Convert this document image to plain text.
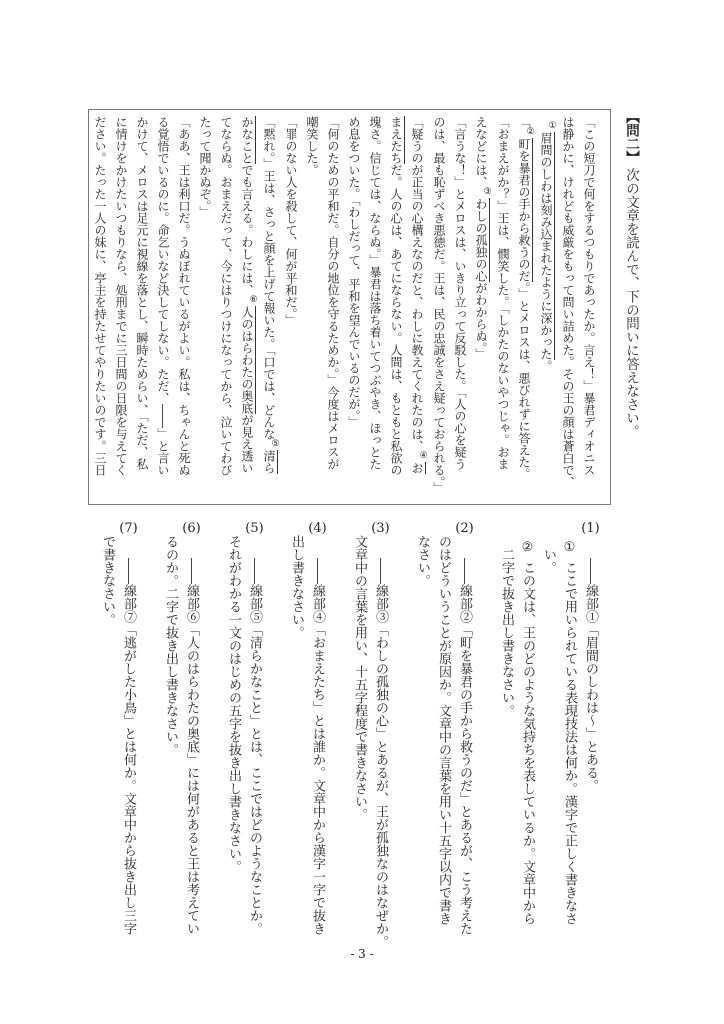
【問二】 次の文章を読んで、下の問いに答えなさい。
「この短刀で何をするつもりであったか。言え！」暴君ディオニス
は静かに、けれども威厳をもって問い詰めた。その王の顔は蒼白で、
①眉間のしわは刻み込まれたように深かった。
「②町を暴君の手から救うのだ。」とメロスは、悪びれずに答えた。
「おまえがか？」王は、憫笑した。「しかたのないやつじゃ。おま
えなどには、③わしの孤独の心がわからぬ。」
「言うな！」とメロスは、いきり立って反駁した。「人の心を疑う
のは、最も恥ずべき悪徳だ。王は、民の忠誠をさえ疑っておられる。」
「疑うのが正当の心構えなのだと、わしに教えてくれたのは、④お
まえたちだ。人の心は、あてにならない。人間は、もともと私欲の
塊さ。信じては、ならぬ。」暴君は落ち着いてつぶやき、ほっとた
め息をついた。「わしだって、平和を望んでいるのだが。」
「何のための平和だ。自分の地位を守るためか。」今度はメロスが
嘲笑した。
「罪のない人を殺して、何が平和だ。」
「黙れ。」王は、さっと顔を上げて報いた。「口では、どんな⑤清ら
かなことでも言える。わしには、⑥人のはらわたの奥底が見え透い
てならぬ。おまえだって、今にはりつけになってから、泣いてわび
たって聞かぬぞ。」
「ああ、王は利口だ。うぬぼれているがよい。私は、ちゃんと死ぬ
る覚悟でいるのに。命乞いなど決してしない。ただ、――」と言い
かけて、メロスは足元に視線を落とし、瞬時ためらい、「ただ、私
に情けをかけたいつもりなら、処刑までに三日間の日限を与えてく
ださい。たった一人の妹に、亭主を持たせてやりたいのです。三日
(1)――線部①「眉間のしわは〜」とある。
①ここで用いられている表現技法は何か。漢字で正しく書きなさ
い。
②この文は、王のどのような気持ちを表しているか。文章中から
二字で抜き出し書きなさい。
(2)――線部②「町を暴君の手から救うのだ」とあるが、こう考えた
のはどういうことが原因か。文章中の言葉を用い十五字以内で書き
なさい。
(3)――線部③「わしの孤独の心」とあるが、王が孤独なのはなぜか。
文章中の言葉を用い、十五字程度で書きなさい。
(4)――線部④「おまえたち」とは誰か。文章中から漢字一字で抜き
出し書きなさい。
(5)――線部⑤「清らかなこと」とは、ここではどのようなことか。
それがわかる一文のはじめの五字を抜き出し書きなさい。
(6)――線部⑥「人のはらわたの奥底」には何があると王は考えてい
るのか。二字で抜き出し書きなさい。
(7)――線部⑦「逃がした小鳥」とは何か。文章中から抜き出し三字
で書きなさい。
- 3 -
